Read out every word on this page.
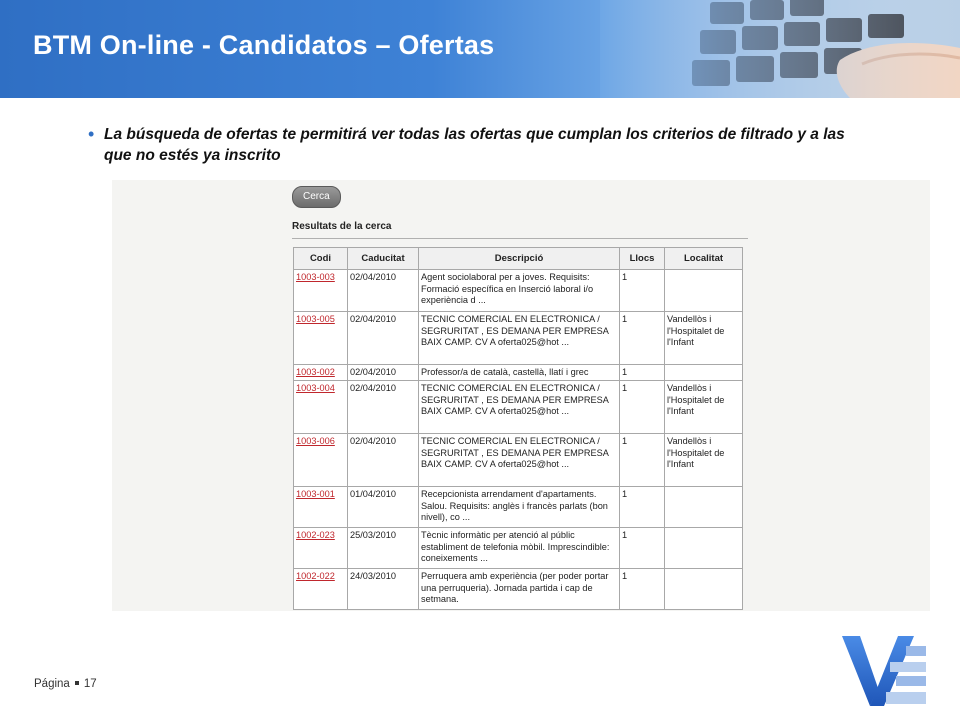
BTM On-line - Candidatos – Ofertas
• La búsqueda de ofertas te permitirá ver todas las ofertas que cumplan los criterios de filtrado y a las que no estés ya inscrito
Cerca

Resultats de la cerca

Codi	Caducitat	Descripció	Llocs	Localitat
1003-003	02/04/2010	Agent sociolaboral per a joves. Requisits: Formació específica en Inserció laboral i/o experiència d ...	1	
1003-005	02/04/2010	TECNIC COMERCIAL EN ELECTRONICA / SEGRURITAT , ES DEMANA PER EMPRESA BAIX CAMP. CV A oferta025@hot ...	1	Vandellòs i l'Hospitalet de l'Infant
1003-002	02/04/2010	Professor/a de català, castellà, llatí i grec	1	
1003-004	02/04/2010	TECNIC COMERCIAL EN ELECTRONICA / SEGRURITAT , ES DEMANA PER EMPRESA BAIX CAMP. CV A oferta025@hot ...	1	Vandellòs i l'Hospitalet de l'Infant
1003-006	02/04/2010	TECNIC COMERCIAL EN ELECTRONICA / SEGRURITAT , ES DEMANA PER EMPRESA BAIX CAMP. CV A oferta025@hot ...	1	Vandellòs i l'Hospitalet de l'Infant
1003-001	01/04/2010	Recepcionista arrendament d'apartaments. Salou. Requisits: anglès i francès parlats (bon nivell), co ...	1	
1002-023	25/03/2010	Tècnic informàtic per atenció al públic establiment de telefonia mòbil. Imprescindible: coneixements ...	1	
1002-022	24/03/2010	Perruquera amb experiència (per poder portar una perruqueria). Jornada partida i cap de setmana.	1	
Página 17
